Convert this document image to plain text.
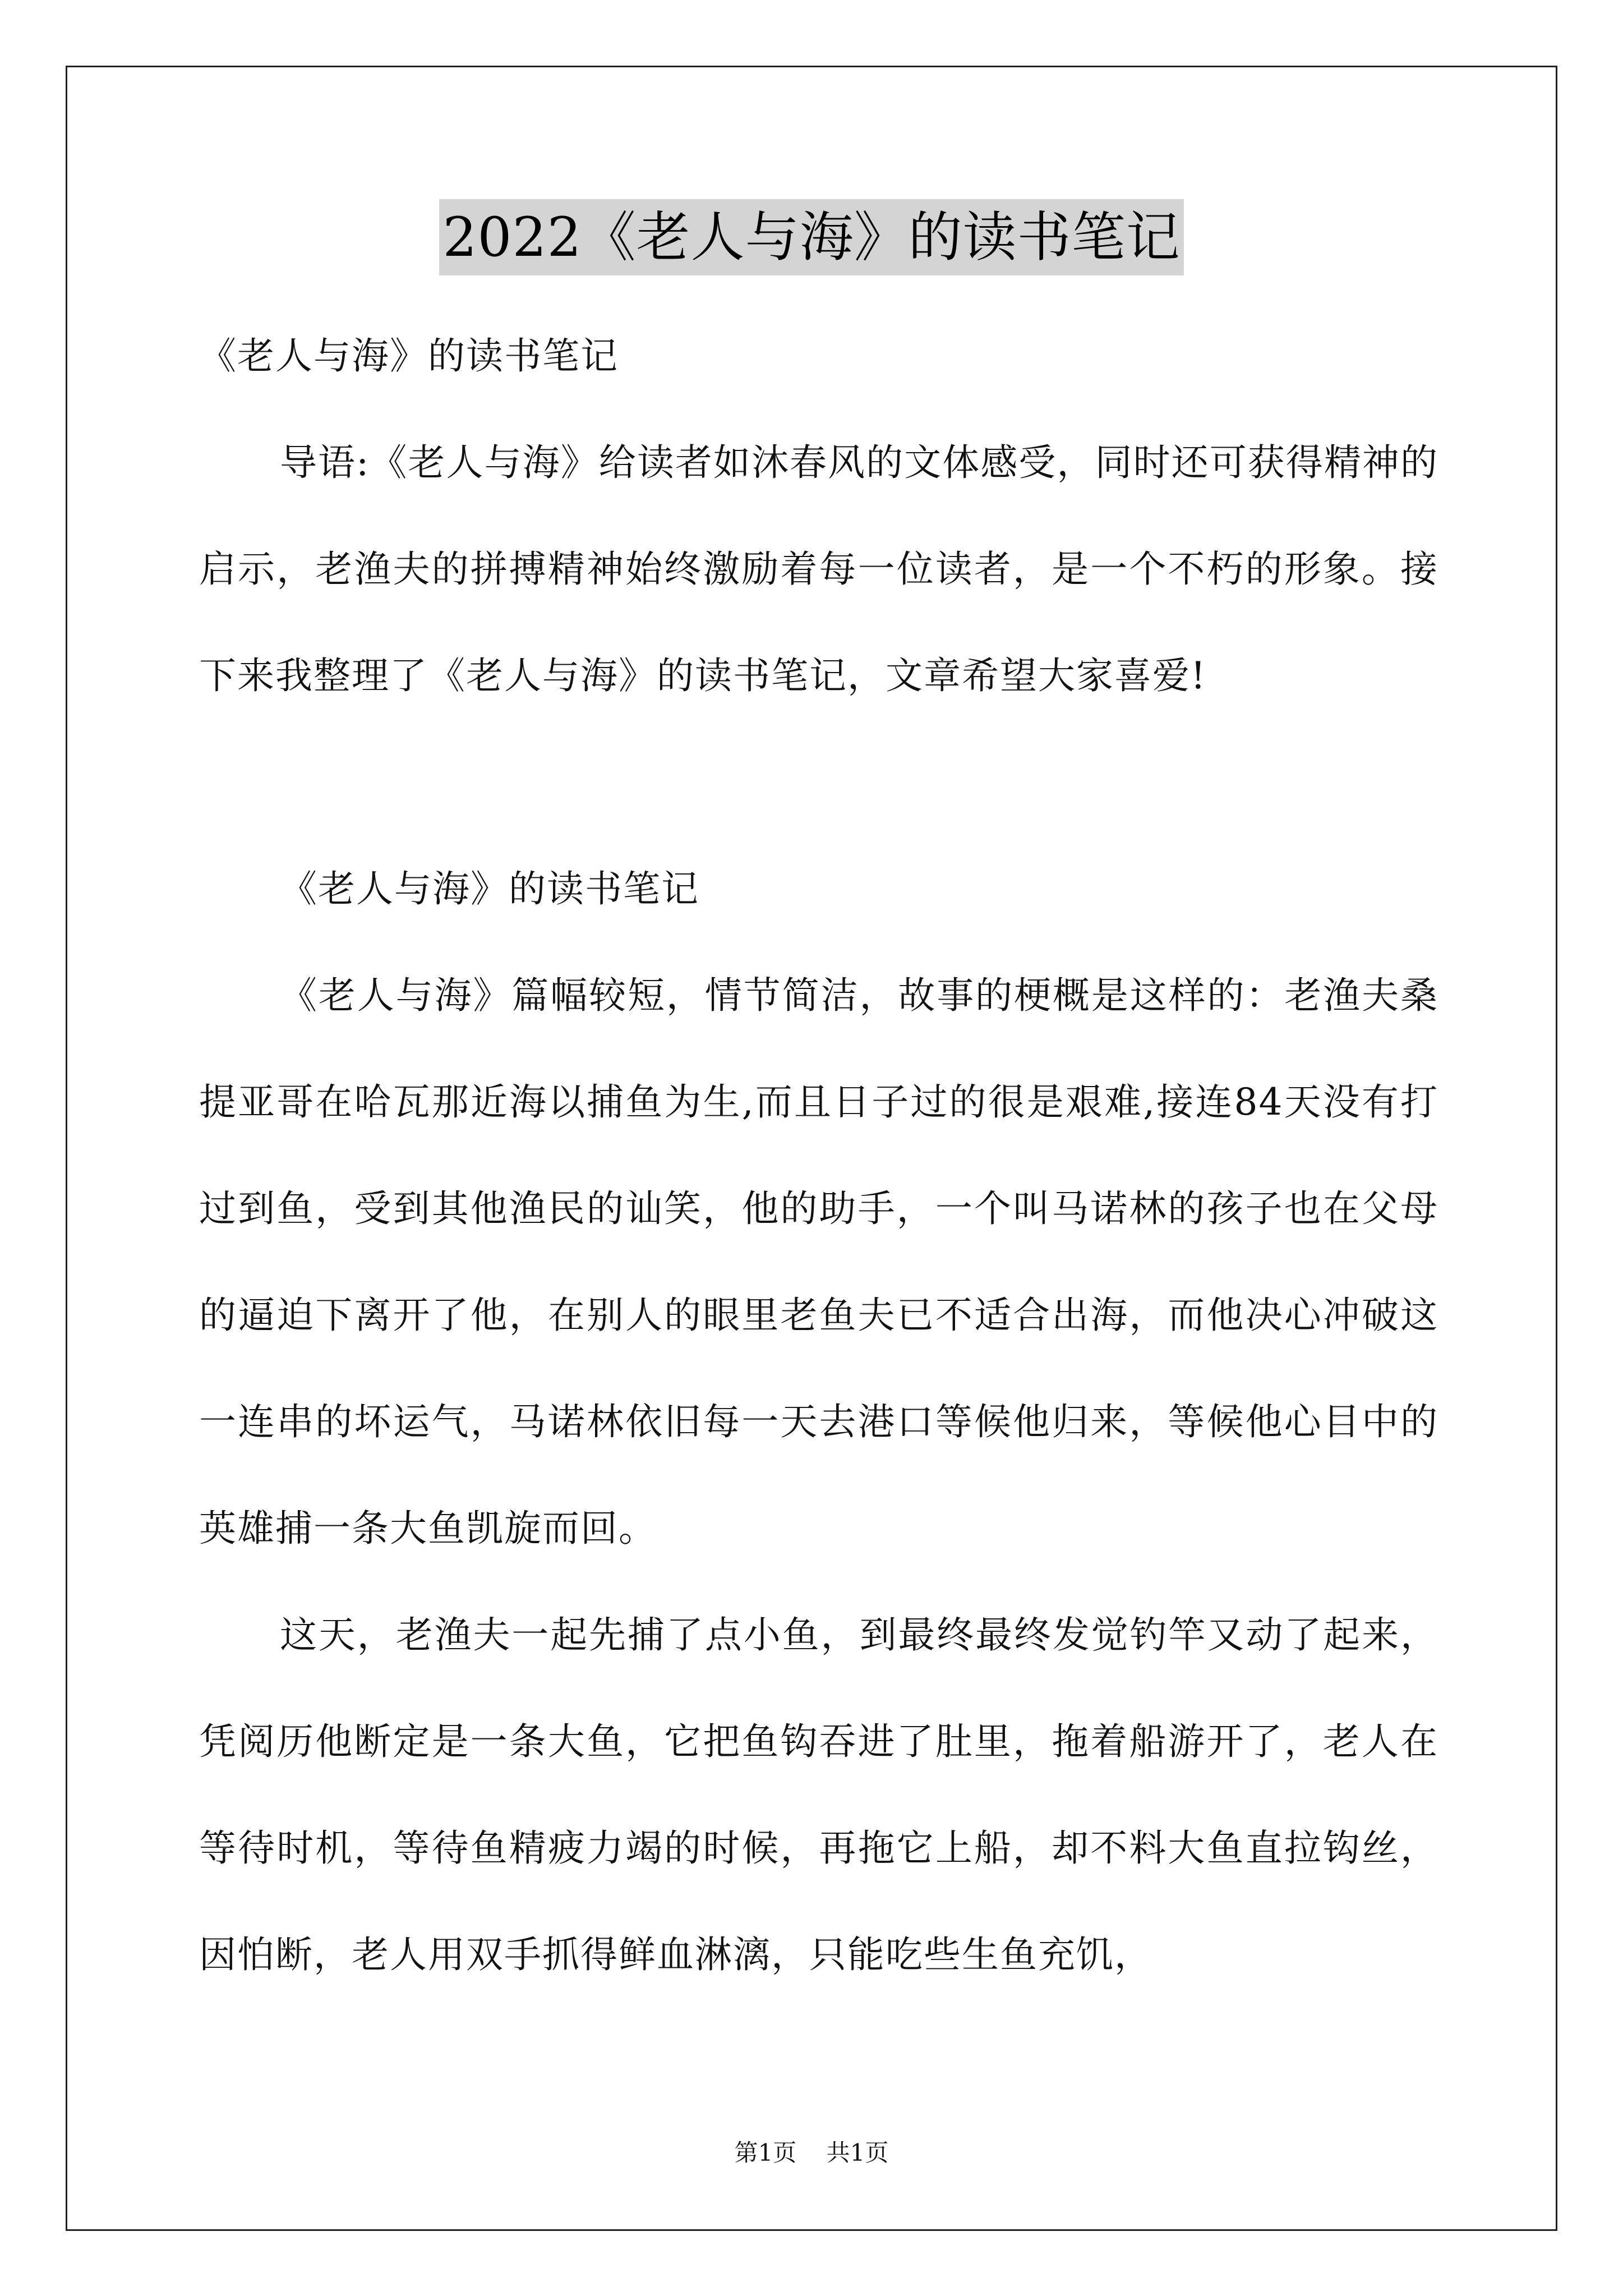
2022《老人与海》的读书笔记

《老人与海》的读书笔记

导语:《老人与海》给读者如沐春风的文体感受，同时还可获得精神的启示，老渔夫的拼搏精神始终激励着每一位读者，是一个不朽的形象。接下来我整理了《老人与海》的读书笔记，文章希望大家喜爱!

《老人与海》的读书笔记

《老人与海》篇幅较短，情节简洁，故事的梗概是这样的：老渔夫桑提亚哥在哈瓦那近海以捕鱼为生,而且日子过的很是艰难,接连84天没有打过到鱼，受到其他渔民的讪笑，他的助手，一个叫马诺林的孩子也在父母的逼迫下离开了他，在别人的眼里老鱼夫已不适合出海，而他决心冲破这一连串的坏运气，马诺林依旧每一天去港口等候他归来，等候他心目中的英雄捕一条大鱼凯旋而回。

这天，老渔夫一起先捕了点小鱼，到最终最终发觉钓竿又动了起来，凭阅历他断定是一条大鱼，它把鱼钩吞进了肚里，拖着船游开了，老人在等待时机，等待鱼精疲力竭的时候，再拖它上船，却不料大鱼直拉钩丝，因怕断，老人用双手抓得鲜血淋漓，只能吃些生鱼充饥，

第1页 共1页
